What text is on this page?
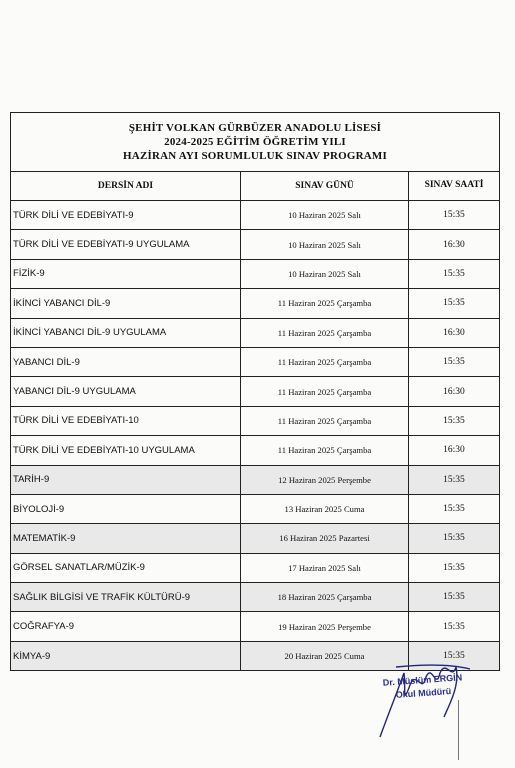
ŞEHİT VOLKAN GÜRBÜZER ANADOLU LİSESİ
2024-2025 EĞİTİM ÖĞRETİM YILI
HAZİRAN AYI SORUMLULUK SINAV PROGRAMI
DERSİN ADI	SINAV GÜNÜ	SINAV SAATİ
TÜRK DİLİ VE EDEBİYATI-9	10 Haziran 2025 Salı	15:35
TÜRK DİLİ VE EDEBİYATI-9 UYGULAMA	10 Haziran 2025 Salı	16:30
FİZİK-9	10 Haziran 2025 Salı	15:35
İKİNCİ YABANCI DİL-9	11 Haziran 2025 Çarşamba	15:35
İKİNCİ YABANCI DİL-9 UYGULAMA	11 Haziran 2025 Çarşamba	16:30
YABANCI DİL-9	11 Haziran 2025 Çarşamba	15:35
YABANCI DİL-9 UYGULAMA	11 Haziran 2025 Çarşamba	16:30
TÜRK DİLİ VE EDEBİYATI-10	11 Haziran 2025 Çarşamba	15:35
TÜRK DİLİ VE EDEBİYATI-10 UYGULAMA	11 Haziran 2025 Çarşamba	16:30
TARİH-9	12 Haziran 2025 Perşembe	15:35
BİYOLOJİ-9	13 Haziran 2025 Cuma	15:35
MATEMATİK-9	16 Haziran 2025 Pazartesi	15:35
GÖRSEL SANATLAR/MÜZİK-9	17 Haziran 2025 Salı	15:35
SAĞLIK BİLGİSİ VE TRAFİK KÜLTÜRÜ-9	18 Haziran 2025 Çarşamba	15:35
COĞRAFYA-9	19 Haziran 2025 Perşembe	15:35
KİMYA-9	20 Haziran 2025 Cuma	15:35
Dr. Müslüm ERGİN
Okul Müdürü
